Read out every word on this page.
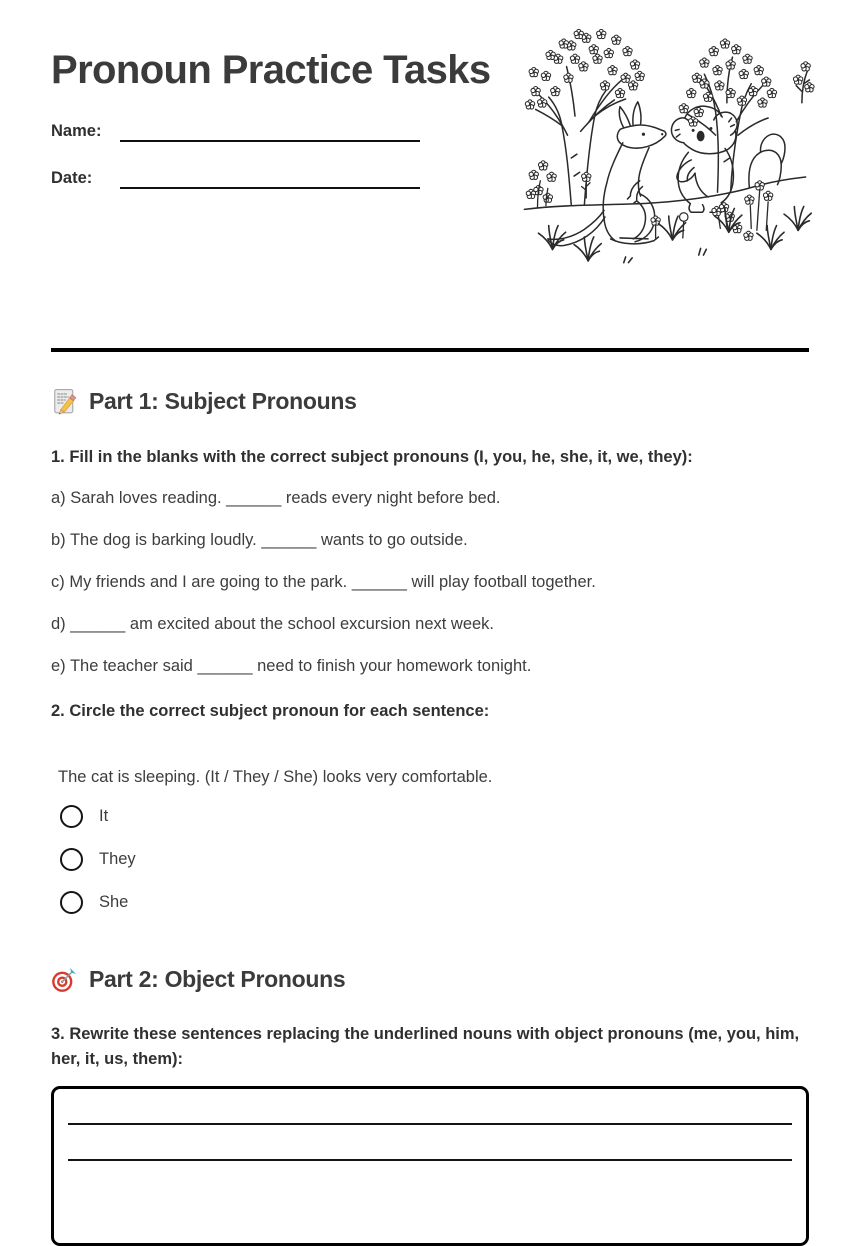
Pronoun Practice Tasks
Name:
Date:
Part 1: Subject Pronouns

1. Fill in the blanks with the correct subject pronouns (I, you, he, she, it, we, they):

a) Sarah loves reading. ______ reads every night before bed.

b) The dog is barking loudly. ______ wants to go outside.

c) My friends and I are going to the park. ______ will play football together.

d) ______ am excited about the school excursion next week.

e) The teacher said ______ need to finish your homework tonight.

2. Circle the correct subject pronoun for each sentence:

The cat is sleeping. (It / They / She) looks very comfortable.

It
They
She
Part 2: Object Pronouns

3. Rewrite these sentences replacing the underlined nouns with object pronouns (me, you, him, her, it, us, them):
